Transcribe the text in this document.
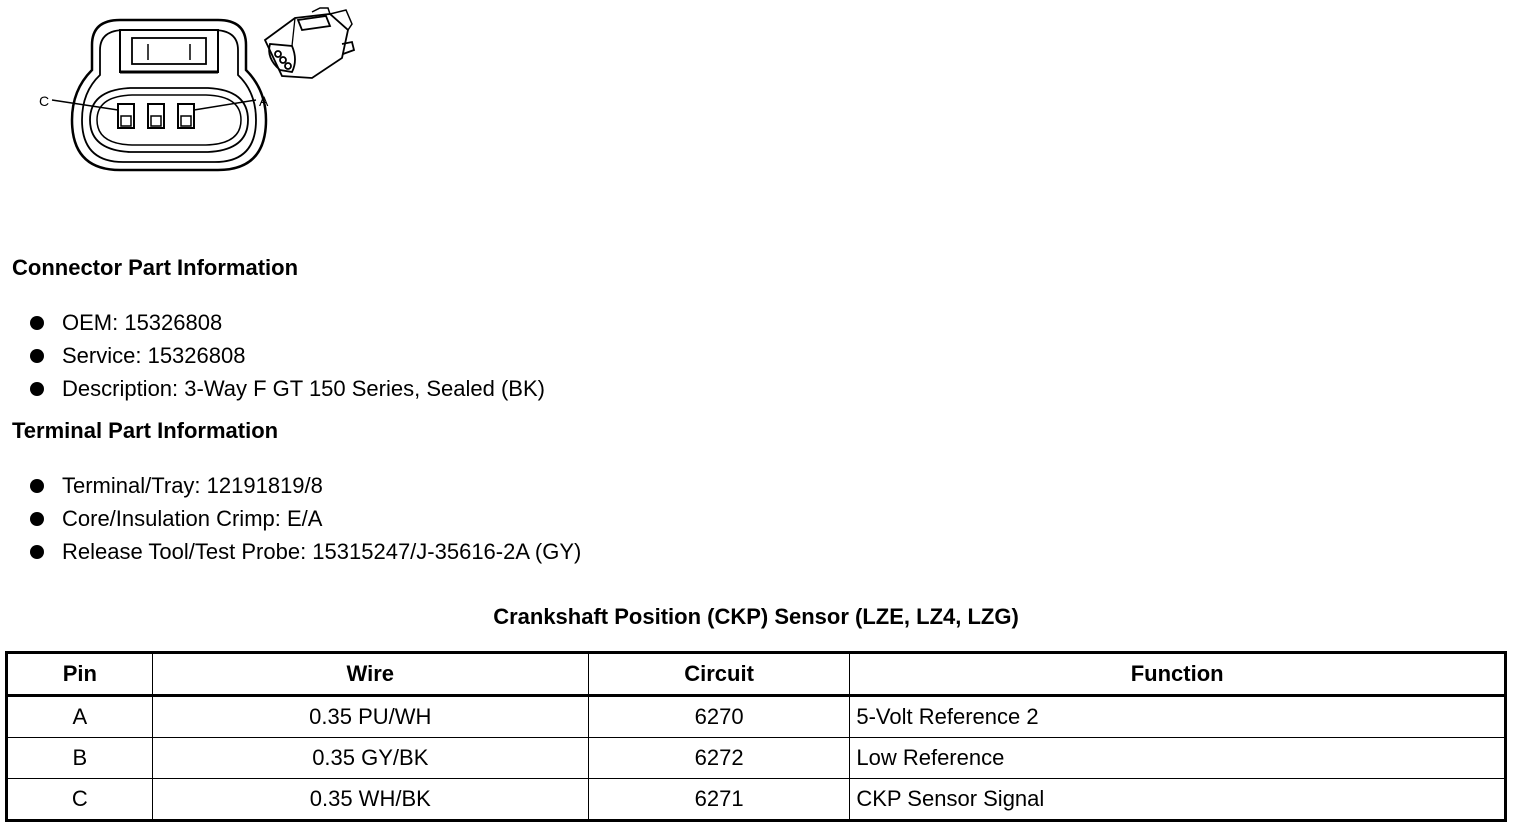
C	A
Connector Part Information
OEM: 15326808
Service: 15326808
Description: 3-Way F GT 150 Series, Sealed (BK)
Terminal Part Information
Terminal/Tray: 12191819/8
Core/Insulation Crimp: E/A
Release Tool/Test Probe: 15315247/J-35616-2A (GY)
Crankshaft Position (CKP) Sensor (LZE, LZ4, LZG)
Pin	Wire	Circuit	Function
A	0.35 PU/WH	6270	5-Volt Reference 2
B	0.35 GY/BK	6272	Low Reference
C	0.35 WH/BK	6271	CKP Sensor Signal
